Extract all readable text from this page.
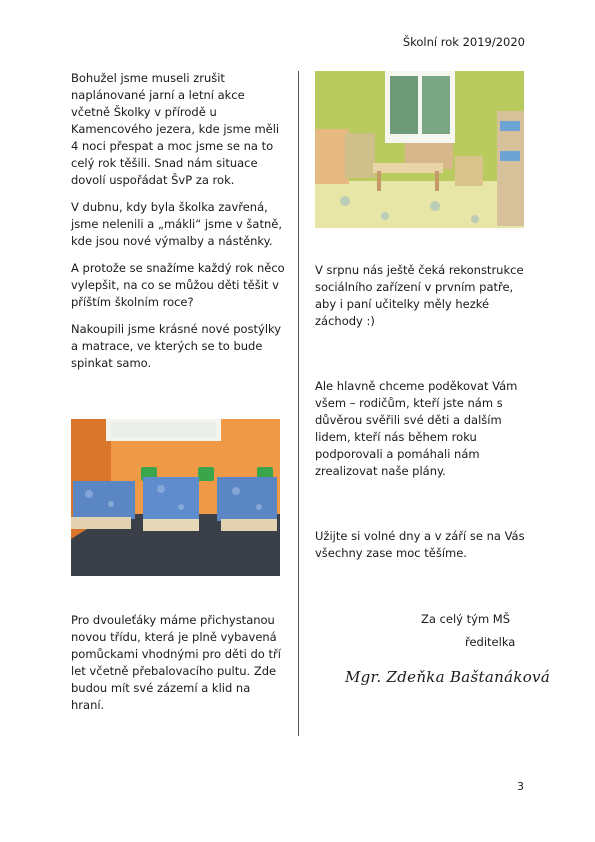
Školní rok 2019/2020

Bohužel jsme museli zrušit naplánované jarní a letní akce včetně Školky v přírodě u Kamencového jezera, kde jsme měli 4 noci přespat a moc jsme se na to celý rok těšili. Snad nám situace dovolí uspořádat ŠvP za rok.

V dubnu, kdy byla školka zavřená, jsme nelenili a „mákli“ jsme v šatně, kde jsou nové výmalby a nástěnky.

A protože se snažíme každý rok něco vylepšit, na co se můžou děti těšit v příštím školním roce?

Nakoupili jsme krásné nové postýlky a matrace, ve kterých se to bude spinkat samo.

Pro dvouleťáky máme přichystanou novou třídu, která je plně vybavená pomůckami vhodnými pro děti do tří let včetně přebalovacího pultu. Zde budou mít své zázemí a klid na hraní.

V srpnu nás ještě čeká rekonstrukce sociálního zařízení v prvním patře, aby i paní učitelky měly hezké záchody :)

Ale hlavně chceme poděkovat Vám všem – rodičům, kteří jste nám s důvěrou svěřili své děti a dalším lidem, kteří nás během roku podporovali a pomáhali nám zrealizovat naše plány.

Užijte si volné dny a v září se na Vás všechny zase moc těšíme.

Za celý tým MŠ
ředitelka
Mgr. Zdeňka Baštanáková
3
